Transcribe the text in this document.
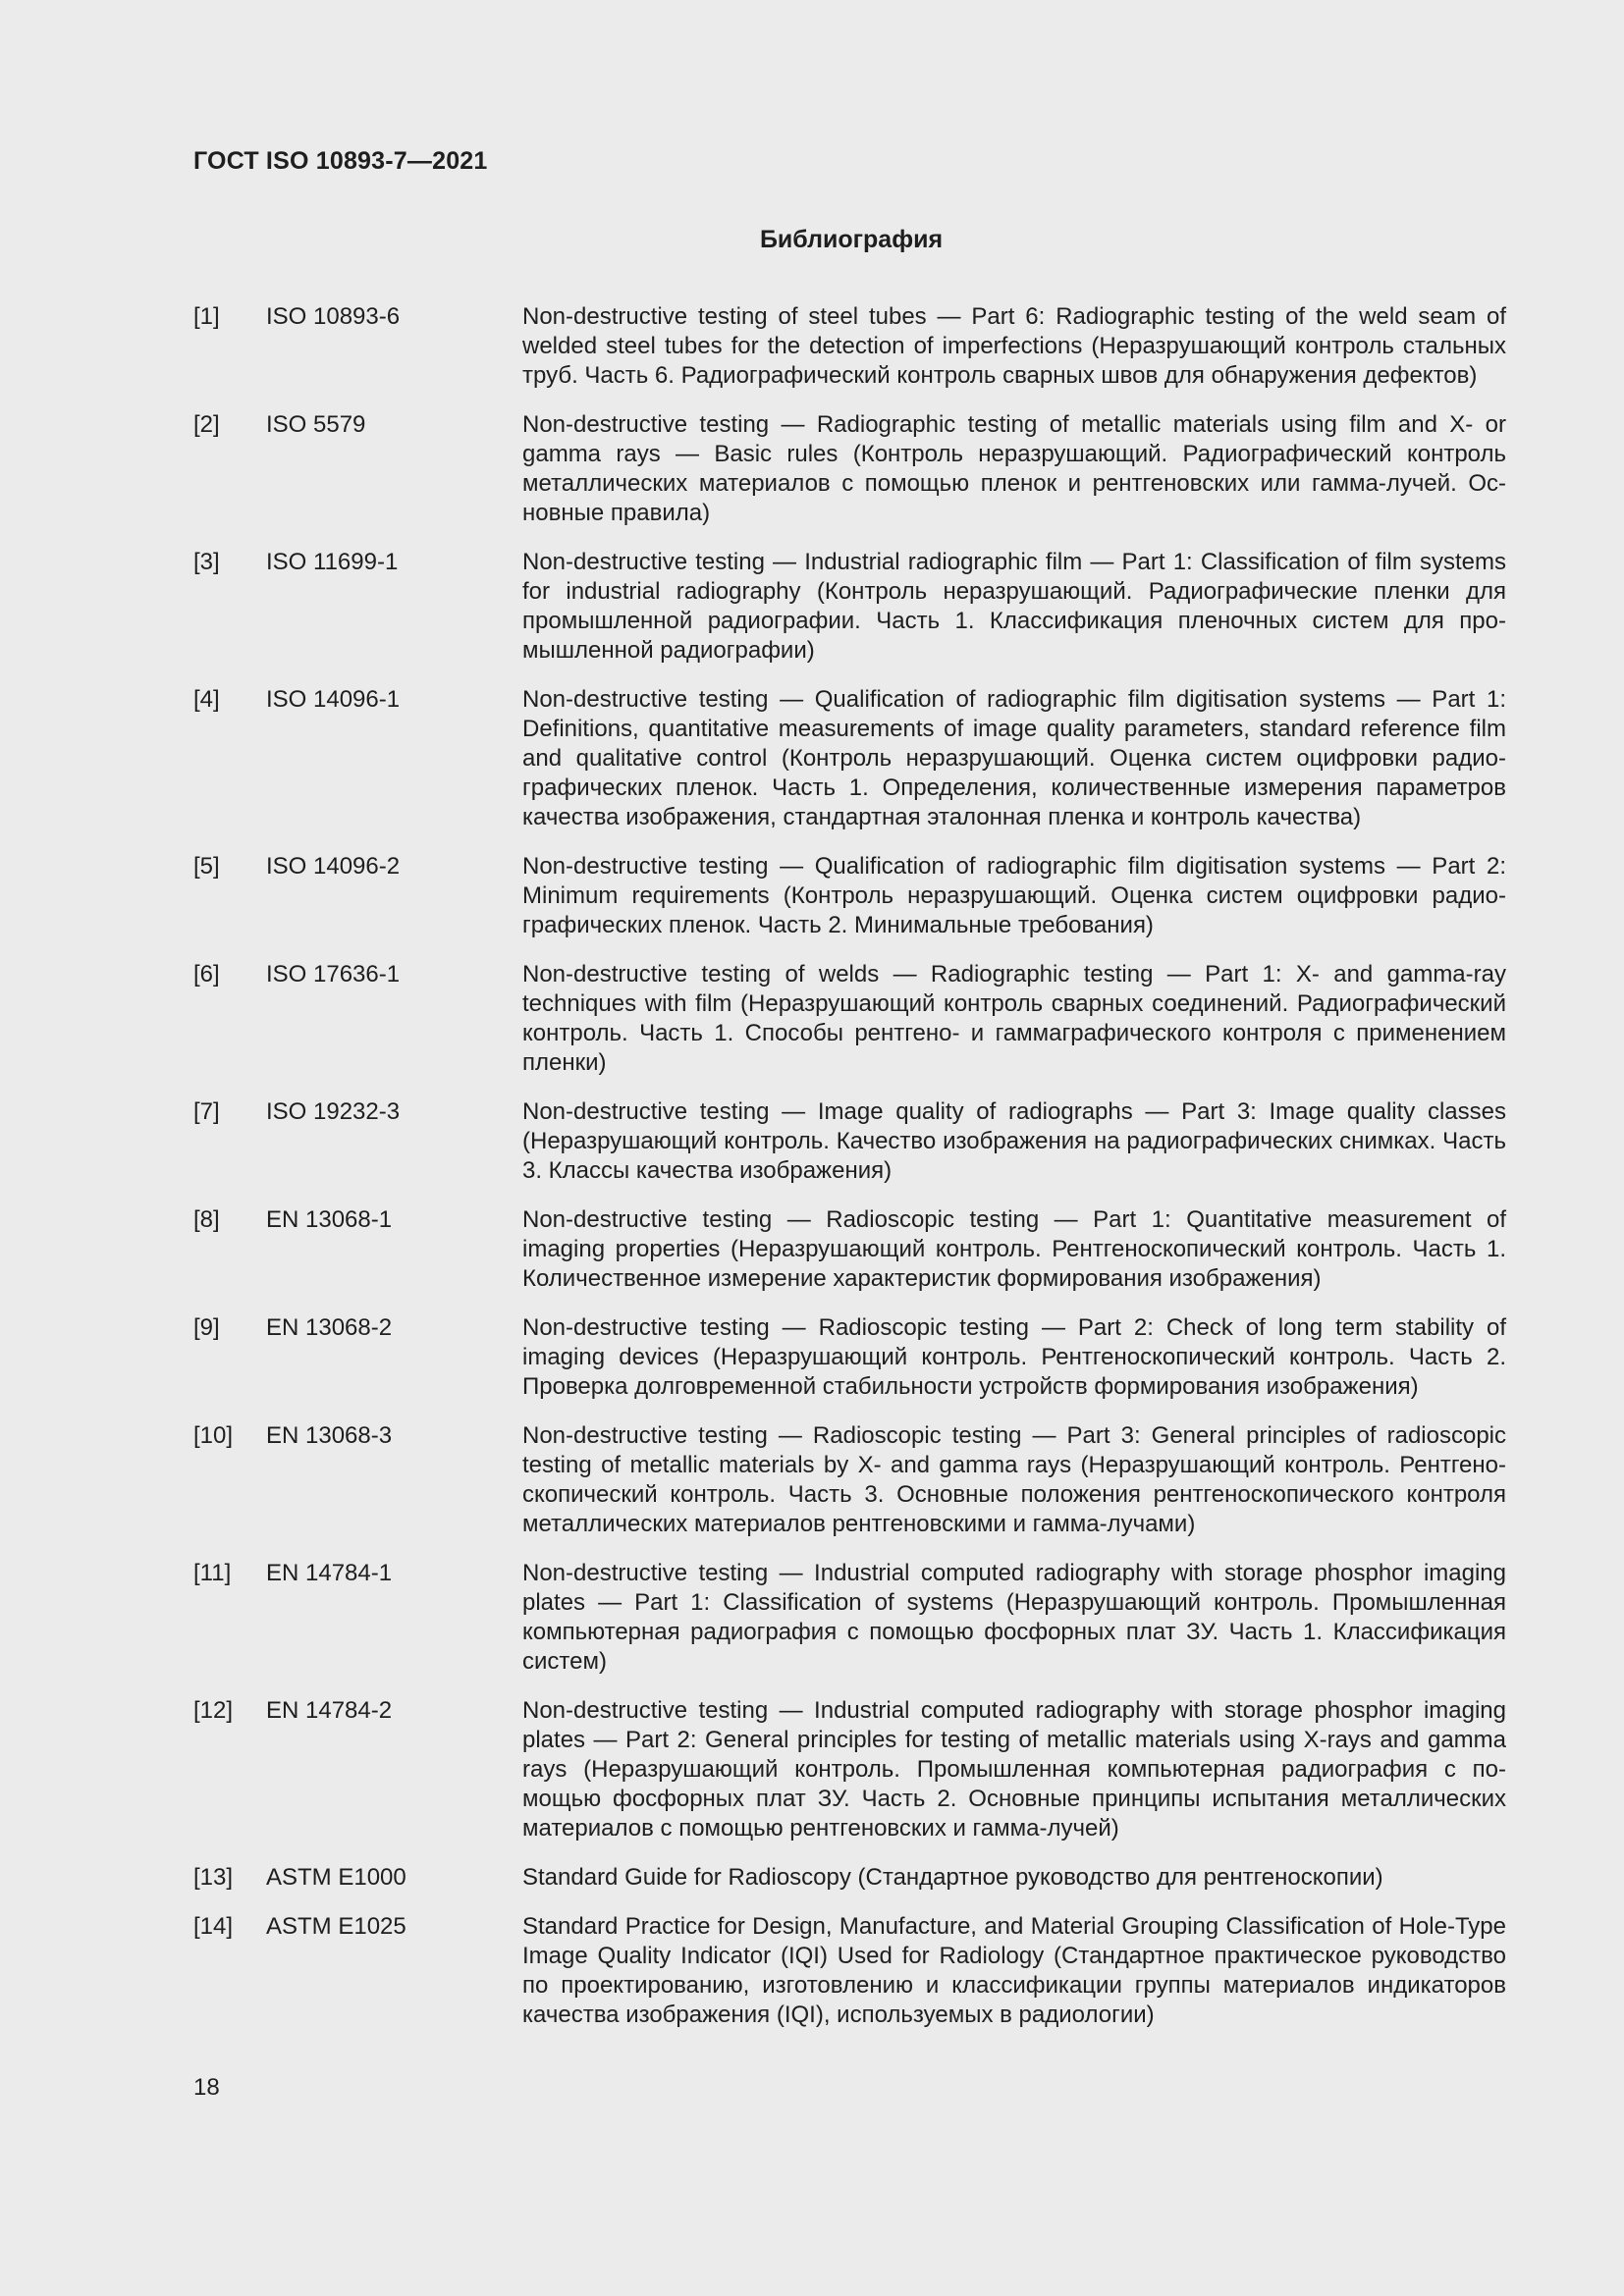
ГОСТ ISO 10893-7—2021
Библиография
[1]	ISO 10893-6	Non-destructive testing of steel tubes — Part 6: Radiographic testing of the weld seam of welded steel tubes for the detection of imperfections (Неразрушающий контроль стальных труб. Часть 6. Радиографический контроль сварных швов для обнаружения дефектов)

[2]	ISO 5579	Non-destructive testing — Radiographic testing of metallic materials using film and X- or gamma rays — Basic rules (Контроль неразрушающий. Радиографический контроль металлических материалов с помощью пленок и рентгеновских или гамма-лучей. Основные правила)

[3]	ISO 11699-1	Non-destructive testing — Industrial radiographic film — Part 1: Classification of film systems for industrial radiography (Контроль неразрушающий. Радиографические пленки для промышленной радиографии. Часть 1. Классификация пленочных систем для промышленной радиографии)

[4]	ISO 14096-1	Non-destructive testing — Qualification of radiographic film digitisation systems — Part 1: Definitions, quantitative measurements of image quality parameters, standard reference film and qualitative control (Контроль неразрушающий. Оценка систем оцифровки радиографических пленок. Часть 1. Определения, количественные измерения параметров качества изображения, стандартная эталонная пленка и контроль качества)

[5]	ISO 14096-2	Non-destructive testing — Qualification of radiographic film digitisation systems — Part 2: Minimum requirements (Контроль неразрушающий. Оценка систем оцифровки радиографических пленок. Часть 2. Минимальные требования)

[6]	ISO 17636-1	Non-destructive testing of welds — Radiographic testing — Part 1: X- and gamma-ray techniques with film (Неразрушающий контроль сварных соединений. Радиографический контроль. Часть 1. Способы рентгено- и гаммаграфического контроля с применением пленки)

[7]	ISO 19232-3	Non-destructive testing — Image quality of radiographs — Part 3: Image quality classes (Неразрушающий контроль. Качество изображения на радиографических снимках. Часть 3. Классы качества изображения)

[8]	EN 13068-1	Non-destructive testing — Radioscopic testing — Part 1: Quantitative measurement of imaging properties (Неразрушающий контроль. Рентгеноскопический контроль. Часть 1. Количественное измерение характеристик формирования изображения)

[9]	EN 13068-2	Non-destructive testing — Radioscopic testing — Part 2: Check of long term stability of imaging devices (Неразрушающий контроль. Рентгеноскопический контроль. Часть 2. Проверка долговременной стабильности устройств формирования изображения)

[10]	EN 13068-3	Non-destructive testing — Radioscopic testing — Part 3: General principles of radioscopic testing of metallic materials by X- and gamma rays (Неразрушающий контроль. Рентгеноскопический контроль. Часть 3. Основные положения рентгеноскопического контроля металлических материалов рентгеновскими и гамма-лучами)

[11]	EN 14784-1	Non-destructive testing — Industrial computed radiography with storage phosphor imaging plates — Part 1: Classification of systems (Неразрушающий контроль. Промышленная компьютерная радиография с помощью фосфорных плат ЗУ. Часть 1. Классификация систем)

[12]	EN 14784-2	Non-destructive testing — Industrial computed radiography with storage phosphor imaging plates — Part 2: General principles for testing of metallic materials using X-rays and gamma rays (Неразрушающий контроль. Промышленная компьютерная радиография с помощью фосфорных плат ЗУ. Часть 2. Основные принципы испытания металлических материалов с помощью рентгеновских и гамма-лучей)

[13]	ASTM E1000	Standard Guide for Radioscopy (Стандартное руководство для рентгеноскопии)

[14]	ASTM E1025	Standard Practice for Design, Manufacture, and Material Grouping Classification of Hole-Type Image Quality Indicator (IQI) Used for Radiology (Стандартное практическое руководство по проектированию, изготовлению и классификации группы материалов индикаторов качества изображения (IQI), используемых в радиологии)

18
